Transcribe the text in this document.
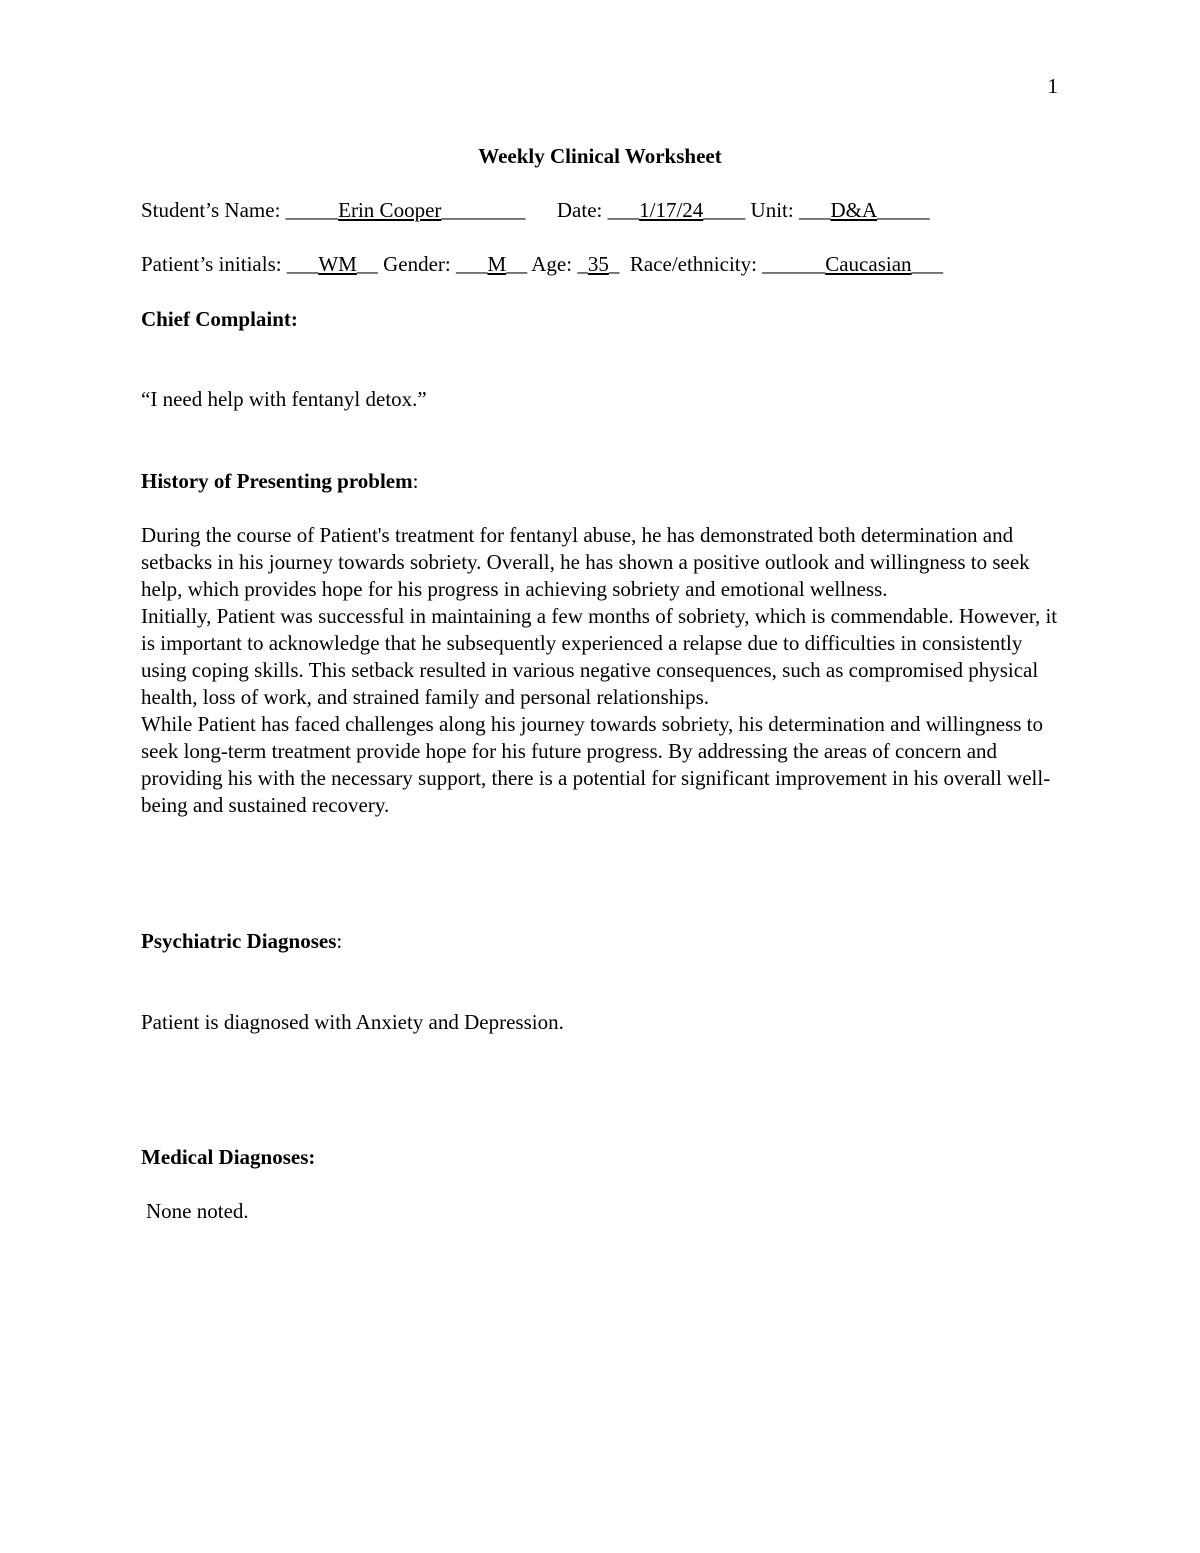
1
Weekly Clinical Worksheet
Student’s Name: _____Erin Cooper________ Date: ___1/17/24____ Unit: ___D&A_____
Patient’s initials: ___WM__ Gender: ___M__ Age: _35_ Race/ethnicity: ______Caucasian___
Chief Complaint:
“I need help with fentanyl detox.”
History of Presenting problem:

During the course of Patient's treatment for fentanyl abuse, he has demonstrated both determination and setbacks in his journey towards sobriety. Overall, he has shown a positive outlook and willingness to seek help, which provides hope for his progress in achieving sobriety and emotional wellness.

Initially, Patient was successful in maintaining a few months of sobriety, which is commendable. However, it is important to acknowledge that he subsequently experienced a relapse due to difficulties in consistently using coping skills. This setback resulted in various negative consequences, such as compromised physical health, loss of work, and strained family and personal relationships.

While Patient has faced challenges along his journey towards sobriety, his determination and willingness to seek long-term treatment provide hope for his future progress. By addressing the areas of concern and providing his with the necessary support, there is a potential for significant improvement in his overall well-being and sustained recovery.

Psychiatric Diagnoses:
Patient is diagnosed with Anxiety and Depression.
Medical Diagnoses:
None noted.
